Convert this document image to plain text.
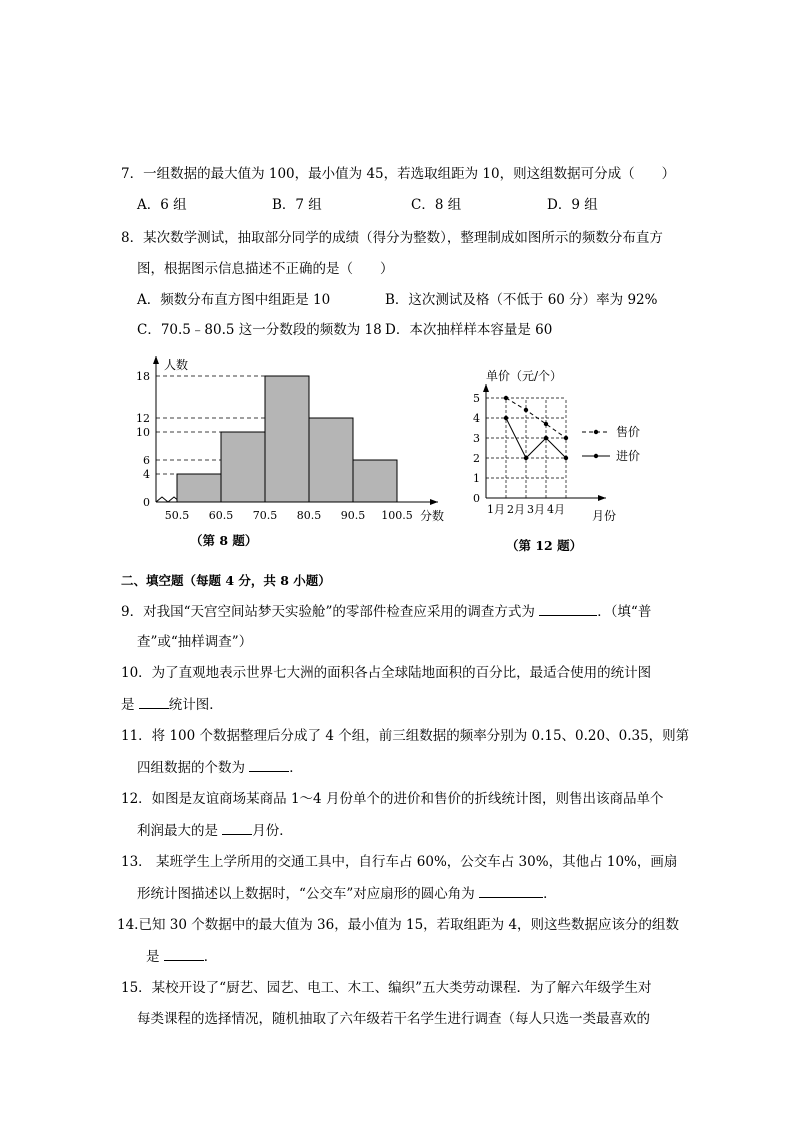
7．一组数据的最大值为 100，最小值为 45，若选取组距为 10，则这组数据可分成（　　）
A．6 组	B．7 组	C．8 组	D．9 组
8．某次数学测试，抽取部分同学的成绩（得分为整数），整理制成如图所示的频数分布直方
图，根据图示信息描述不正确的是（　　）
A．频数分布直方图中组距是 10	B．这次测试及格（不低于 60 分）率为 92%
C．70.5﹣80.5 这一分数段的频数为 18 D．本次抽样样本容量是 60
0
4
6
10
12
18
50.5 60.5 70.5 80.5 90.5 100.5
人数
分数
（第 8 题）
0
1
2
3
4
5
1月 2月 3月 4月
售价
进价
单价（元/个）
月份
（第 12 题）
二、填空题（每题 4 分，共 8 小题）
9．对我国“天宫空间站梦天实验舱”的零部件检查应采用的调查方式为	．（填“普
查”或“抽样调查”）
10．为了直观地表示世界七大洲的面积各占全球陆地面积的百分比，最适合使用的统计图
是 统计图．
11．将 100 个数据整理后分成了 4 个组，前三组数据的频率分别为 0.15、0.20、0.35，则第
四组数据的个数为	．
12．如图是友谊商场某商品 1～4 月份单个的进价和售价的折线统计图，则售出该商品单个
利润最大的是 月份．
13． 某班学生上学所用的交通工具中，自行车占 60%，公交车占 30%，其他占 10%，画扇
形统计图描述以上数据时，“公交车”对应扇形的圆心角为	．
14.已知 30 个数据中的最大值为 36，最小值为 15，若取组距为 4，则这些数据应该分的组数
是	．
15．某校开设了“厨艺、园艺、电工、木工、编织”五大类劳动课程．为了解六年级学生对
每类课程的选择情况，随机抽取了六年级若干名学生进行调查（每人只选一类最喜欢的
